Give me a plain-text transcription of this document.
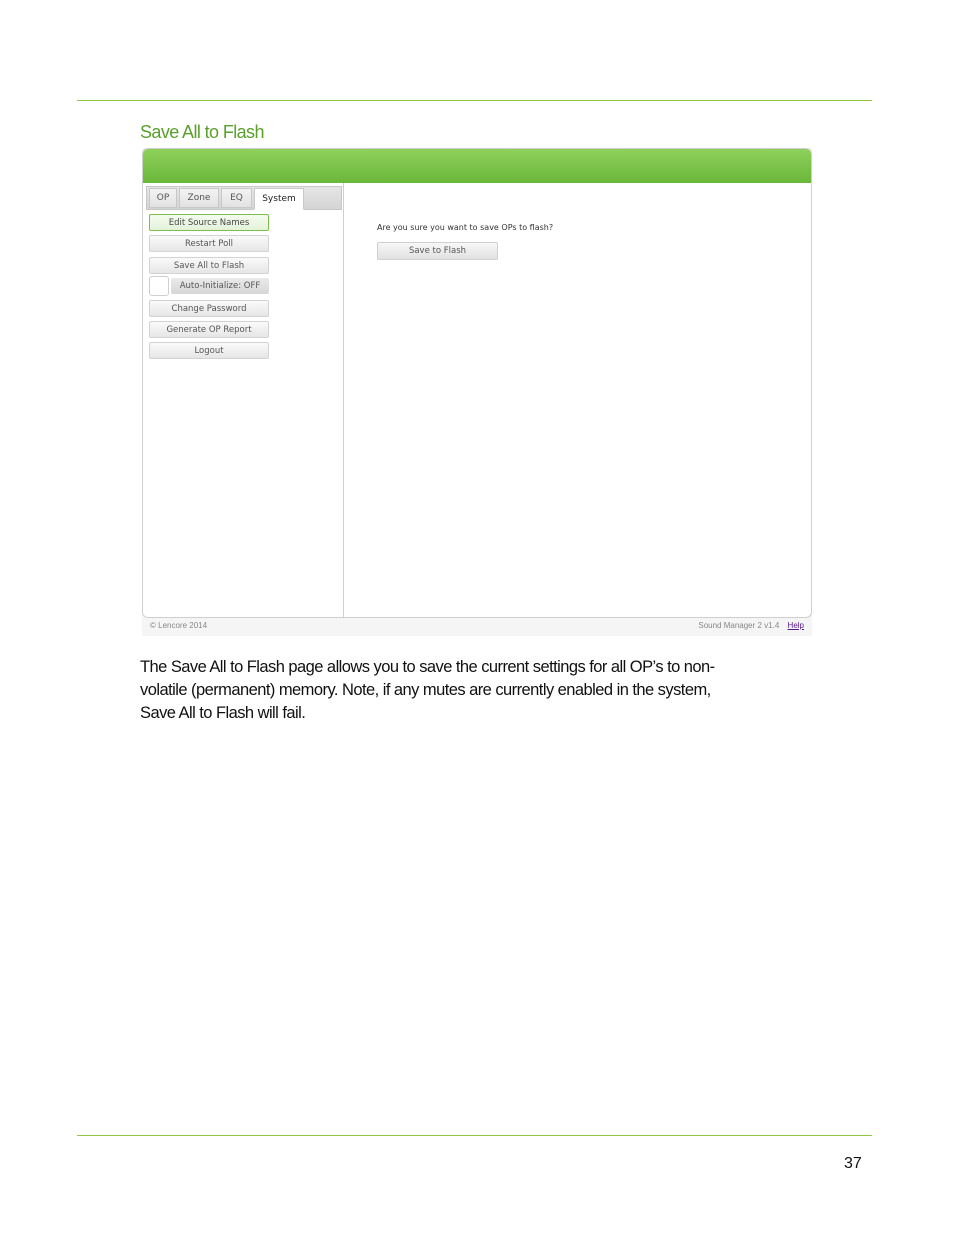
Save All to Flash
OP	Zone	EQ	System
Edit Source Names
Restart Poll
Save All to Flash
Auto-Initialize: OFF
Change Password
Generate OP Report
Logout
Are you sure you want to save OPs to flash?
Save to Flash
© Lencore 2014	Sound Manager 2 v1.4 Help
The Save All to Flash page allows you to save the current settings for all OP’s to non-
volatile (permanent) memory. Note, if any mutes are currently enabled in the system,
Save All to Flash will fail.
37
